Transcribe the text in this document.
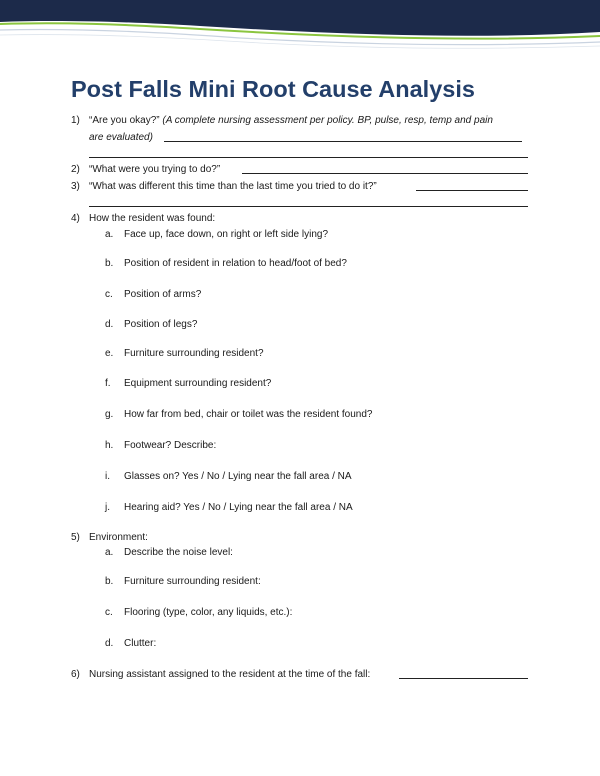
Post Falls Mini Root Cause Analysis
1) “Are you okay?” (A complete nursing assessment per policy. BP, pulse, resp, temp and pain
are evaluated)
2) “What were you trying to do?”
3) “What was different this time than the last time you tried to do it?”
4) How the resident was found:
a. Face up, face down, on right or left side lying?
b. Position of resident in relation to head/foot of bed?
c. Position of arms?
d. Position of legs?
e. Furniture surrounding resident?
f. Equipment surrounding resident?
g. How far from bed, chair or toilet was the resident found?
h. Footwear? Describe:
i. Glasses on? Yes / No / Lying near the fall area / NA
j. Hearing aid? Yes / No / Lying near the fall area / NA
5) Environment:
a. Describe the noise level:
b. Furniture surrounding resident:
c. Flooring (type, color, any liquids, etc.):
d. Clutter:
6) Nursing assistant assigned to the resident at the time of the fall:
